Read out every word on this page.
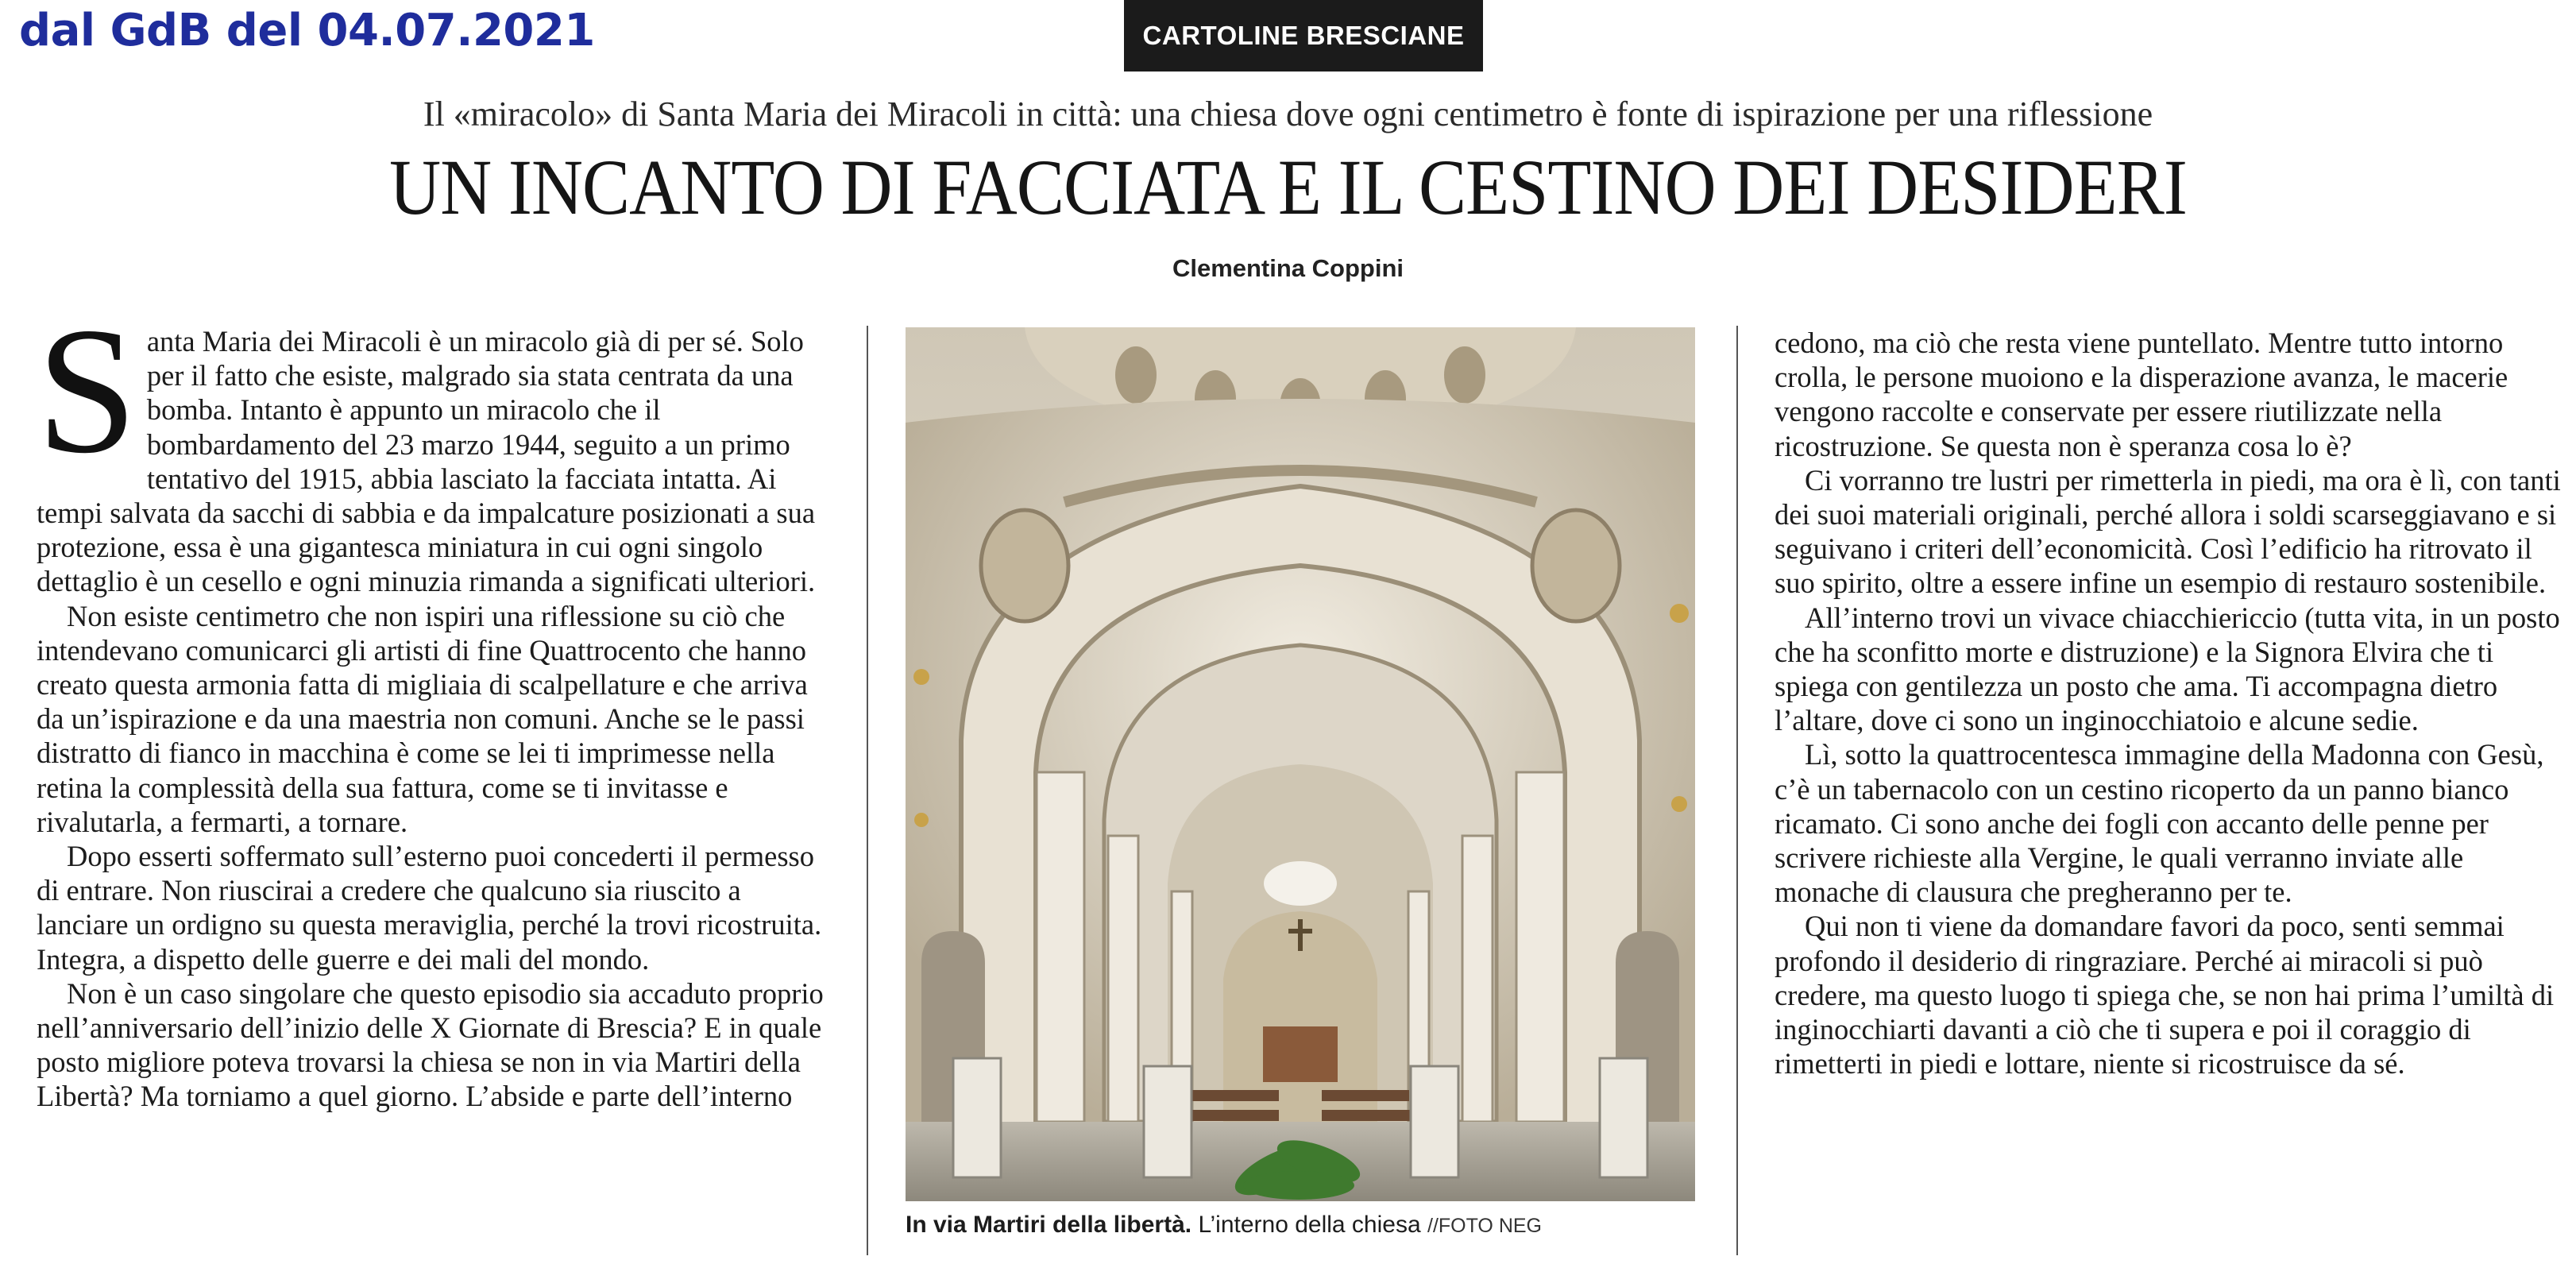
dal GdB del 04.07.2021	CARTOLINE BRESCIANE
Il «miracolo» di Santa Maria dei Miracoli in città: una chiesa dove ogni centimetro è fonte di ispirazione per una riflessione
UN INCANTO DI FACCIATA E IL CESTINO DEI DESIDERI
Clementina Coppini
S anta Maria dei Miracoli è un miracolo già di per sé. Solo per il fatto che esiste, malgrado sia stata centrata da una bomba. Intanto è appunto un miracolo che il bombardamento del 23 marzo 1944, seguito a un primo tentativo del 1915, abbia lasciato la facciata intatta. Ai tempi salvata da sacchi di sabbia e da impalcature posizionati a sua protezione, essa è una gigantesca miniatura in cui ogni singolo dettaglio è un cesello e ogni minuzia rimanda a significati ulteriori.

Non esiste centimetro che non ispiri una riflessione su ciò che intendevano comunicarci gli artisti di fine Quattrocento che hanno creato questa armonia fatta di migliaia di scalpellature e che arriva da un’ispirazione e da una maestria non comuni. Anche se le passi distratto di fianco in macchina è come se lei ti imprimesse nella retina la complessità della sua fattura, come se ti invitasse e rivalutarla, a fermarti, a tornare.

Dopo esserti soffermato sull’esterno puoi concederti il permesso di entrare. Non riuscirai a credere che qualcuno sia riuscito a lanciare un ordigno su questa meraviglia, perché la trovi ricostruita. Integra, a dispetto delle guerre e dei mali del mondo.

Non è un caso singolare che questo episodio sia accaduto proprio nell’anniversario dell’inizio delle X Giornate di Brescia? E in quale posto migliore poteva trovarsi la chiesa se non in via Martiri della Libertà? Ma torniamo a quel giorno. L’abside e parte dell’interno

In via Martiri della libertà. L’interno della chiesa //FOTO NEG

cedono, ma ciò che resta viene puntellato. Mentre tutto intorno crolla, le persone muoiono e la disperazione avanza, le macerie vengono raccolte e conservate per essere riutilizzate nella ricostruzione. Se questa non è speranza cosa lo è?

Ci vorranno tre lustri per rimetterla in piedi, ma ora è lì, con tanti dei suoi materiali originali, perché allora i soldi scarseggiavano e si seguivano i criteri dell’economicità. Così l’edificio ha ritrovato il suo spirito, oltre a essere infine un esempio di restauro sostenibile.

All’interno trovi un vivace chiacchiericcio (tutta vita, in un posto che ha sconfitto morte e distruzione) e la Signora Elvira che ti spiega con gentilezza un posto che ama. Ti accompagna dietro l’altare, dove ci sono un inginocchiatoio e alcune sedie.

Lì, sotto la quattrocentesca immagine della Madonna con Gesù, c’è un tabernacolo con un cestino ricoperto da un panno bianco ricamato. Ci sono anche dei fogli con accanto delle penne per scrivere richieste alla Vergine, le quali verranno inviate alle monache di clausura che pregheranno per te.

Qui non ti viene da domandare favori da poco, senti semmai profondo il desiderio di ringraziare. Perché ai miracoli si può credere, ma questo luogo ti spiega che, se non hai prima l’umiltà di inginocchiarti davanti a ciò che ti supera e poi il coraggio di rimetterti in piedi e lottare, niente si ricostruisce da sé.
